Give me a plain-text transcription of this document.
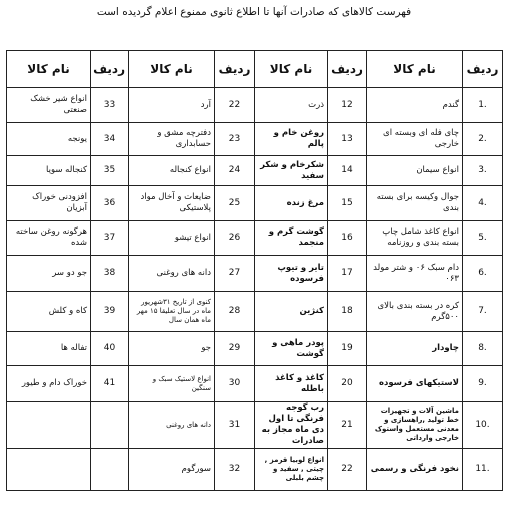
فهرست کالاهای که صادرات آنها تا اطلاع ثانوی ممنوع اعلام گردیده است
ردیف	نام کالا	ردیف	نام کالا	ردیف	نام کالا	ردیف	نام کالا
.1	گندم	12	ذرت	22	آرد	33	انواع شیر خشک صنعتی
.2	چای فله ای وبسته ای خارجی	13	روغن خام و پالم	23	دفترچه مشق و حسابداری	34	یونجه
.3	انواع سیمان	14	شکرخام و شکر سفید	24	انواع کنجاله	35	کنجاله سویا
.4	جوال وکیسه برای بسته بندی	15	مرغ زنده	25	ضایعات و آخال مواد پلاستیکی	36	افزودنی خوراک آبزیان
.5	انواع کاغذ شامل چاپ بسته بندی و روزنامه	16	گوشت گرم و منجمد	26	انواع تیشو	37	هرگونه روغن ساخته شده
.6	دام سبک ۰۶ و شتر مولد ۰۶۳	17	تایر و تیوپ فرسوده	27	دانه های روغنی	38	جو دو سر
.7	کره در بسته بندی بالای ۵۰۰گرم	18	کنژین	28	کنوی از تاریخ ۳۱شهریور ماه در سال تعلیقا ۱۵ مهر ماه همان سال	39	کاه و کلش
.8	چاودار	19	پودر ماهی و گوشت	29	جو	40	تفاله ها
.9	لاستیکهای فرسوده	20	کاغذ و کاغذ باطله	30	انواع لاستیک سبک و سنگین	41	خوراک دام و طیور
.10	ماشین آلات و تجهیزات خط تولید ,راهسازی و معدنی مستعمل واستوک خارجی وارداتی	21	رب گوجه فرنگی تا اول دی ماه مجاز به صادرات	31	دانه های روغنی		
.11	نخود فرنگی و رسمی	22	انواع لوبیا قرمز , چیتی , سفید و چشم بلبلی	32	سورگوم		
